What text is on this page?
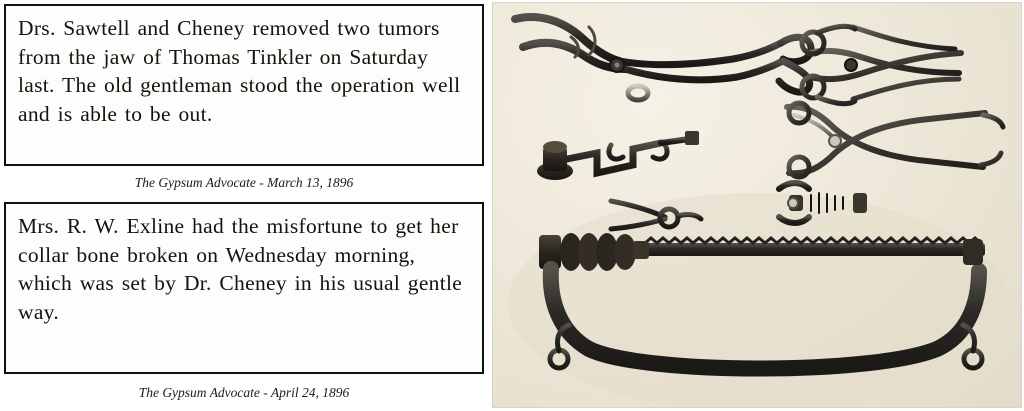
Drs. Sawtell and Cheney removed two tumors from the jaw of Thomas Tinkler on Saturday last. The old gentleman stood the operation well and is able to be out.
The Gypsum Advocate - March 13, 1896
Mrs. R. W. Exline had the misfortune to get her collar bone broken on Wednesday morning, which was set by Dr. Cheney in his usual gentle way.
The Gypsum Advocate - April 24, 1896
